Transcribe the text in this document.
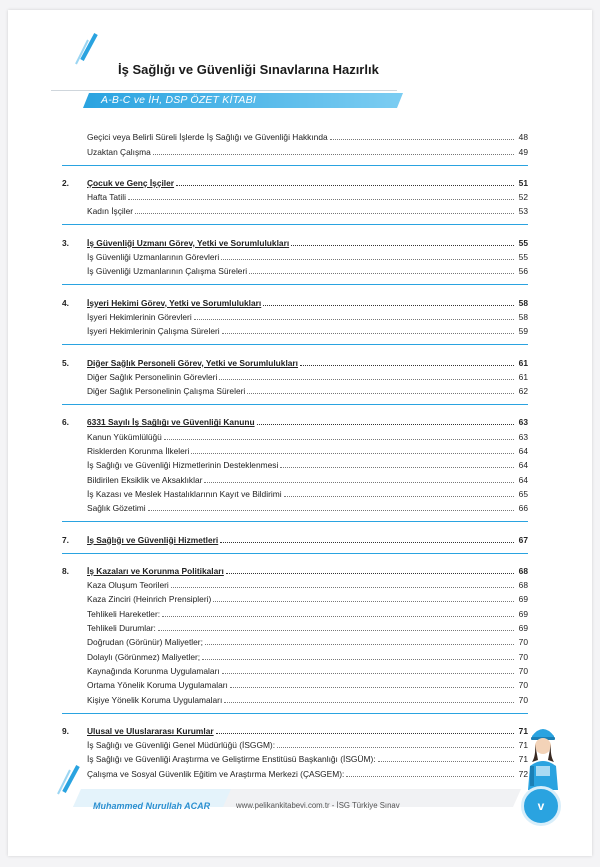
İş Sağlığı ve Güvenliği Sınavlarına Hazırlık
A-B-C ve İH, DSP ÖZET KİTABI
Geçici veya Belirli Süreli İşlerde İş Sağlığı ve Güvenliği Hakkında	48
Uzaktan Çalışma	49
2.	Çocuk ve Genç İşçiler	51
Hafta Tatili	52
Kadın İşçiler	53
3.	İş Güvenliği Uzmanı Görev, Yetki ve Sorumlulukları	55
İş Güvenliği Uzmanlarının Görevleri	55
İş Güvenliği Uzmanlarının Çalışma Süreleri	56
4.	İşyeri Hekimi Görev, Yetki ve Sorumlulukları	58
İşyeri Hekimlerinin Görevleri	58
İşyeri Hekimlerinin Çalışma Süreleri	59
5.	Diğer Sağlık Personeli Görev, Yetki ve Sorumlulukları	61
Diğer Sağlık Personelinin Görevleri	61
Diğer Sağlık Personelinin Çalışma Süreleri	62
6.	6331 Sayılı İş Sağlığı ve Güvenliği Kanunu	63
Kanun Yükümlülüğü	63
Risklerden Korunma İlkeleri	64
İş Sağlığı ve Güvenliği Hizmetlerinin Desteklenmesi	64
Bildirilen Eksiklik ve Aksaklıklar	64
İş Kazası ve Meslek Hastalıklarının Kayıt ve Bildirimi	65
Sağlık Gözetimi	66
7.	İş Sağlığı ve Güvenliği Hizmetleri	67
8.	İş Kazaları ve Korunma Politikaları	68
Kaza Oluşum Teorileri	68
Kaza Zinciri (Heinrich Prensipleri)	69
Tehlikeli Hareketler:	69
Tehlikeli Durumlar:	69
Doğrudan (Görünür) Maliyetler;	70
Dolaylı (Görünmez) Maliyetler;	70
Kaynağında Korunma Uygulamaları	70
Ortama Yönelik Koruma Uygulamaları	70
Kişiye Yönelik Koruma Uygulamaları	70
9.	Ulusal ve Uluslararası Kurumlar	71
İş Sağlığı ve Güvenliği Genel Müdürlüğü (İSGGM):	71
İş Sağlığı ve Güvenliği Araştırma ve Geliştirme Enstitüsü Başkanlığı (İSGÜM):	71
Çalışma ve Sosyal Güvenlik Eğitim ve Araştırma Merkezi (ÇASGEM):	72
Muhammed Nurullah ACAR	www.pelikankitabevi.com.tr - İSG Türkiye Sınav	v
